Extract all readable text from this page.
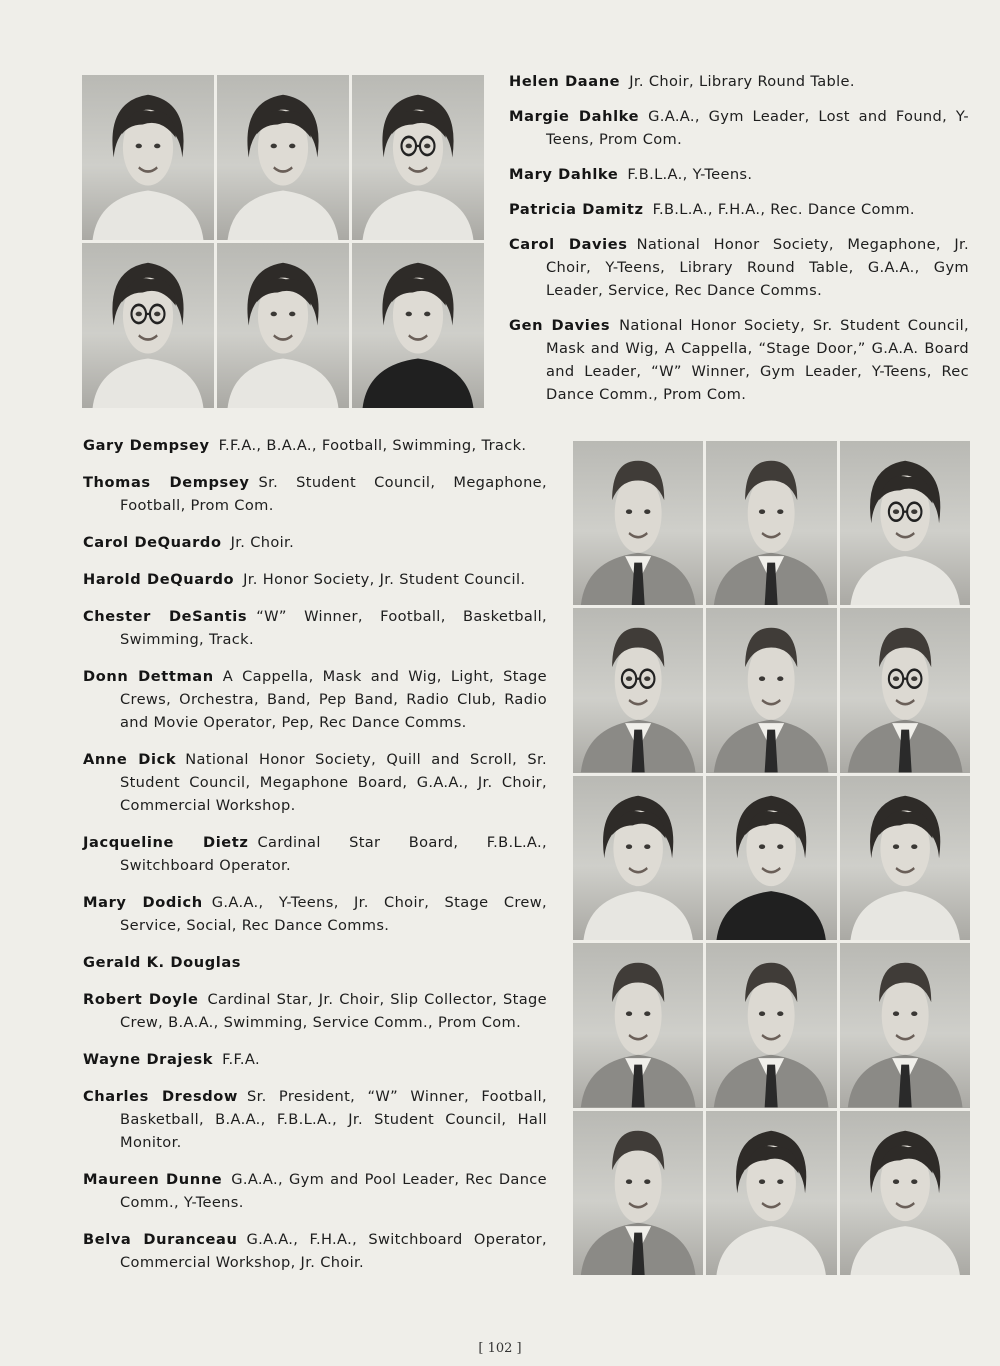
Helen Daane Jr. Choir, Library Round Table.
Margie Dahlke G.A.A., Gym Leader, Lost and Found, Y-Teens, Prom Com.
Mary Dahlke F.B.L.A., Y-Teens.
Patricia Damitz F.B.L.A., F.H.A., Rec. Dance Comm.
Carol Davies National Honor Society, Megaphone, Jr. Choir, Y-Teens, Library Round Table, G.A.A., Gym Leader, Service, Rec Dance Comms.
Gen Davies National Honor Society, Sr. Student Council, Mask and Wig, A Cappella, “Stage Door,” G.A.A. Board and Leader, “W” Winner, Gym Leader, Y-Teens, Rec Dance Comm., Prom Com.
Gary Dempsey F.F.A., B.A.A., Football, Swimming, Track.
Thomas Dempsey Sr. Student Council, Megaphone, Football, Prom Com.
Carol DeQuardo Jr. Choir.
Harold DeQuardo Jr. Honor Society, Jr. Student Council.
Chester DeSantis “W” Winner, Football, Basketball, Swimming, Track.
Donn Dettman A Cappella, Mask and Wig, Light, Stage Crews, Orchestra, Band, Pep Band, Radio Club, Radio and Movie Operator, Pep, Rec Dance Comms.
Anne Dick National Honor Society, Quill and Scroll, Sr. Student Council, Megaphone Board, G.A.A., Jr. Choir, Commercial Workshop.
Jacqueline Dietz Cardinal Star Board, F.B.L.A., Switchboard Operator.
Mary Dodich G.A.A., Y-Teens, Jr. Choir, Stage Crew, Service, Social, Rec Dance Comms.
Gerald K. Douglas
Robert Doyle Cardinal Star, Jr. Choir, Slip Collector, Stage Crew, B.A.A., Swimming, Service Comm., Prom Com.
Wayne Drajesk F.F.A.
Charles Dresdow Sr. President, “W” Winner, Football, Basketball, B.A.A., F.B.L.A., Jr. Student Council, Hall Monitor.
Maureen Dunne G.A.A., Gym and Pool Leader, Rec Dance Comm., Y-Teens.
Belva Duranceau G.A.A., F.H.A., Switchboard Operator, Commercial Workshop, Jr. Choir.
[ 102 ]
